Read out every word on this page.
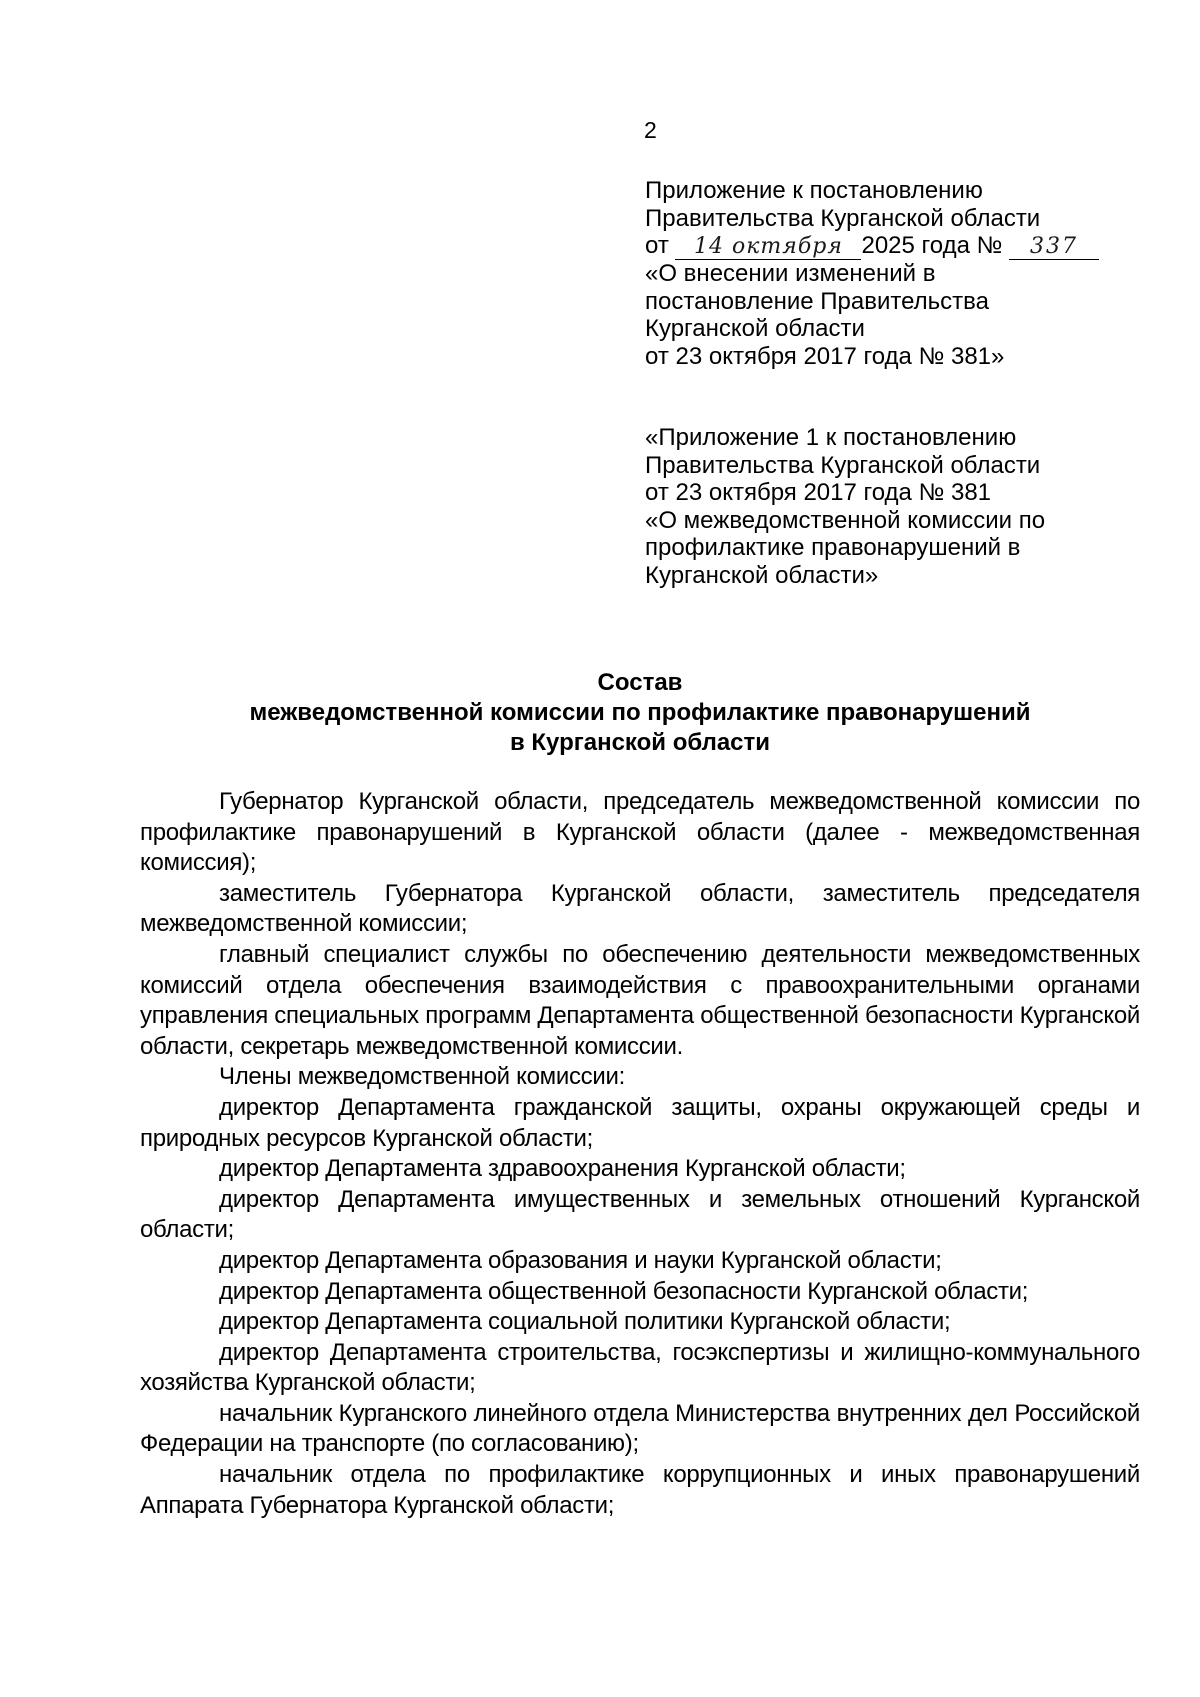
2
Приложение к постановлению
Правительства Курганской области
от 14 октября 2025 года № 337
«О внесении изменений в
постановление Правительства
Курганской области
от 23 октября 2017 года № 381»
«Приложение 1 к постановлению
Правительства Курганской области
от 23 октября 2017 года № 381
«О межведомственной комиссии по
профилактике правонарушений в
Курганской области»
Состав
межведомственной комиссии по профилактике правонарушений
в Курганской области

Губернатор Курганской области, председатель межведомственной комиссии по профилактике правонарушений в Курганской области (далее - межведомственная комиссия);

заместитель Губернатора Курганской области, заместитель председателя межведомственной комиссии;

главный специалист службы по обеспечению деятельности межведомственных комиссий отдела обеспечения взаимодействия с правоохранительными органами управления специальных программ Департамента общественной безопасности Курганской области, секретарь межведомственной комиссии.

Члены межведомственной комиссии:

директор Департамента гражданской защиты, охраны окружающей среды и природных ресурсов Курганской области;

директор Департамента здравоохранения Курганской области;

директор Департамента имущественных и земельных отношений Курганской области;

директор Департамента образования и науки Курганской области;

директор Департамента общественной безопасности Курганской области;

директор Департамента социальной политики Курганской области;

директор Департамента строительства, госэкспертизы и жилищно-коммунального хозяйства Курганской области;

начальник Курганского линейного отдела Министерства внутренних дел Российской Федерации на транспорте (по согласованию);

начальник отдела по профилактике коррупционных и иных правонарушений Аппарата Губернатора Курганской области;
